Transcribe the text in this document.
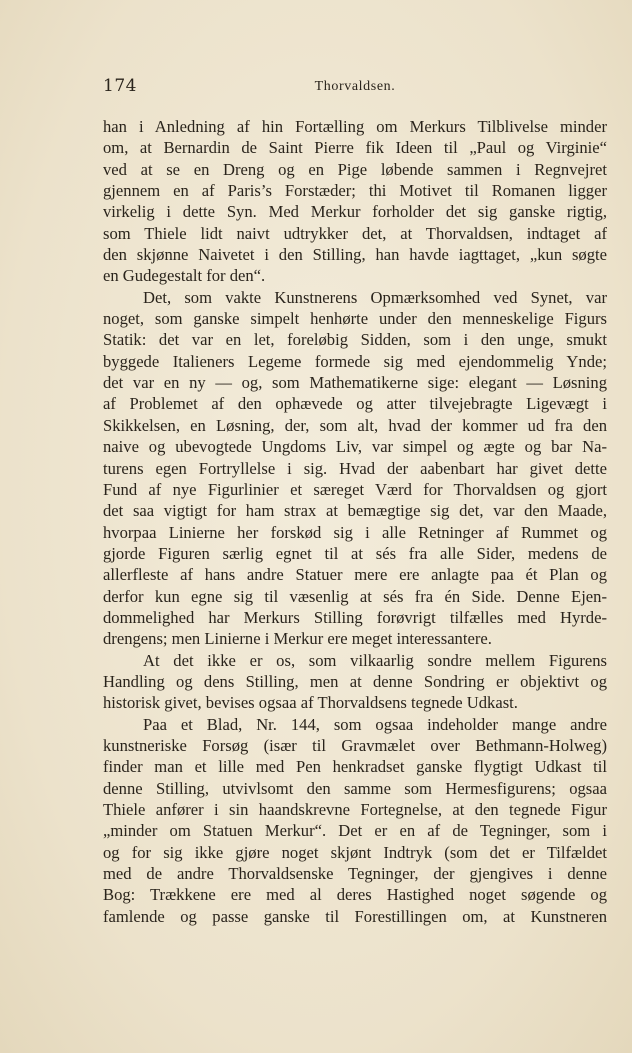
174	Thorvaldsen.
han i Anledning af hin Fortælling om Merkurs Tilblivelse minder
om, at Bernardin de Saint Pierre fik Ideen til „Paul og Virginie“
ved at se en Dreng og en Pige løbende sammen i Regnvejret
gjennem en af Paris’s Forstæder; thi Motivet til Romanen ligger
virkelig i dette Syn. Med Merkur forholder det sig ganske rigtig,
som Thiele lidt naivt udtrykker det, at Thorvaldsen, indtaget af
den skjønne Naivetet i den Stilling, han havde iagttaget, „kun søgte
en Gudegestalt for den“.
Det, som vakte Kunstnerens Opmærksomhed ved Synet, var
noget, som ganske simpelt henhørte under den menneskelige Figurs
Statik: det var en let, foreløbig Sidden, som i den unge, smukt
byggede Italieners Legeme formede sig med ejendommelig Ynde;
det var en ny — og, som Mathematikerne sige: elegant — Løsning
af Problemet af den ophævede og atter tilvejebragte Ligevægt i
Skikkelsen, en Løsning, der, som alt, hvad der kommer ud fra den
naive og ubevogtede Ungdoms Liv, var simpel og ægte og bar Na-
turens egen Fortryllelse i sig. Hvad der aabenbart har givet dette
Fund af nye Figurlinier et særeget Værd for Thorvaldsen og gjort
det saa vigtigt for ham strax at bemægtige sig det, var den Maade,
hvorpaa Linierne her forskød sig i alle Retninger af Rummet og
gjorde Figuren særlig egnet til at sés fra alle Sider, medens de
allerfleste af hans andre Statuer mere ere anlagte paa ét Plan og
derfor kun egne sig til væsenlig at sés fra én Side. Denne Ejen-
dommelighed har Merkurs Stilling forøvrigt tilfælles med Hyrde-
drengens; men Linierne i Merkur ere meget interessantere.
At det ikke er os, som vilkaarlig sondre mellem Figurens
Handling og dens Stilling, men at denne Sondring er objektivt og
historisk givet, bevises ogsaa af Thorvaldsens tegnede Udkast.
Paa et Blad, Nr. 144, som ogsaa indeholder mange andre
kunstneriske Forsøg (især til Gravmælet over Bethmann-Holweg)
finder man et lille med Pen henkradset ganske flygtigt Udkast til
denne Stilling, utvivlsomt den samme som Hermesfigurens; ogsaa
Thiele anfører i sin haandskrevne Fortegnelse, at den tegnede Figur
„minder om Statuen Merkur“. Det er en af de Tegninger, som i
og for sig ikke gjøre noget skjønt Indtryk (som det er Tilfældet
med de andre Thorvaldsenske Tegninger, der gjengives i denne
Bog: Trækkene ere med al deres Hastighed noget søgende og
famlende og passe ganske til Forestillingen om, at Kunstneren
